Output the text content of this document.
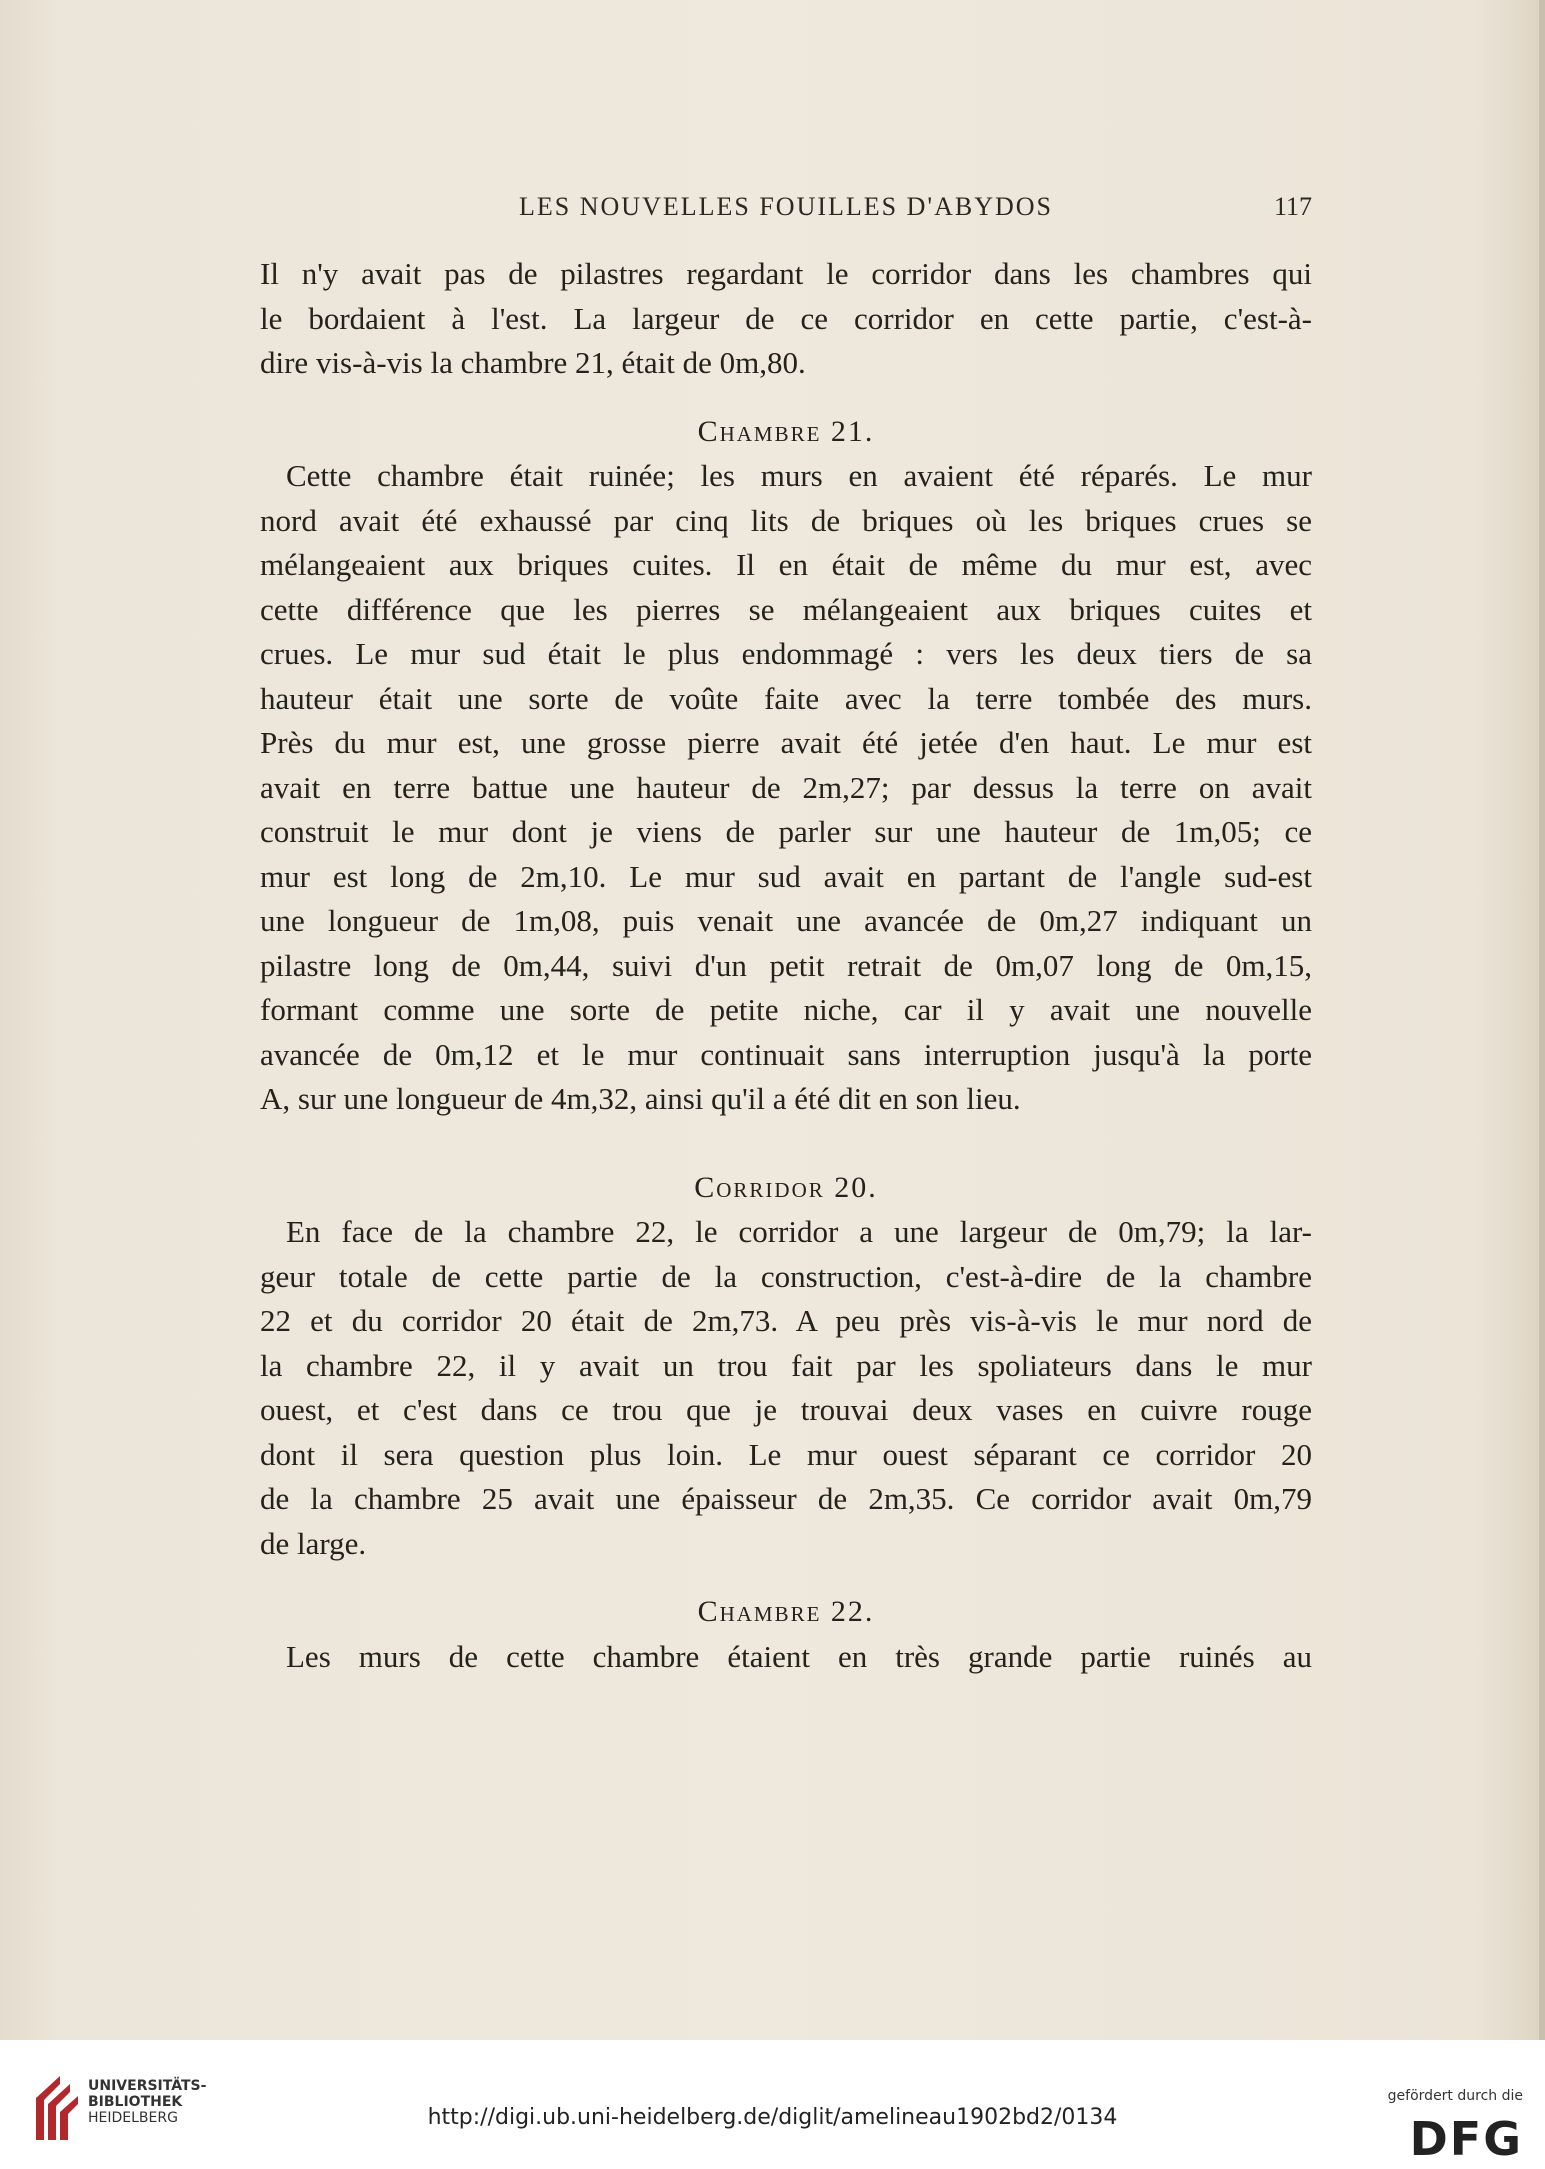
LES NOUVELLES FOUILLES D'ABYDOS	117
Il n'y avait pas de pilastres regardant le corridor dans les chambres qui
le bordaient à l'est. La largeur de ce corridor en cette partie, c'est-à-
dire vis-à-vis la chambre 21, était de 0m,80.
Chambre 21.
Cette chambre était ruinée; les murs en avaient été réparés. Le mur
nord avait été exhaussé par cinq lits de briques où les briques crues se
mélangeaient aux briques cuites. Il en était de même du mur est, avec
cette différence que les pierres se mélangeaient aux briques cuites et
crues. Le mur sud était le plus endommagé : vers les deux tiers de sa
hauteur était une sorte de voûte faite avec la terre tombée des murs.
Près du mur est, une grosse pierre avait été jetée d'en haut. Le mur est
avait en terre battue une hauteur de 2m,27; par dessus la terre on avait
construit le mur dont je viens de parler sur une hauteur de 1m,05; ce
mur est long de 2m,10. Le mur sud avait en partant de l'angle sud-est
une longueur de 1m,08, puis venait une avancée de 0m,27 indiquant un
pilastre long de 0m,44, suivi d'un petit retrait de 0m,07 long de 0m,15,
formant comme une sorte de petite niche, car il y avait une nouvelle
avancée de 0m,12 et le mur continuait sans interruption jusqu'à la porte
A, sur une longueur de 4m,32, ainsi qu'il a été dit en son lieu.
Corridor 20.
En face de la chambre 22, le corridor a une largeur de 0m,79; la lar-
geur totale de cette partie de la construction, c'est-à-dire de la chambre
22 et du corridor 20 était de 2m,73. A peu près vis-à-vis le mur nord de
la chambre 22, il y avait un trou fait par les spoliateurs dans le mur
ouest, et c'est dans ce trou que je trouvai deux vases en cuivre rouge
dont il sera question plus loin. Le mur ouest séparant ce corridor 20
de la chambre 25 avait une épaisseur de 2m,35. Ce corridor avait 0m,79
de large.
Chambre 22.
Les murs de cette chambre étaient en très grande partie ruinés au
UNIVERSITÄTS-
BIBLIOTHEK
HEIDELBERG	http://digi.ub.uni-heidelberg.de/diglit/amelineau1902bd2/0134
gefördert durch die
DFG
